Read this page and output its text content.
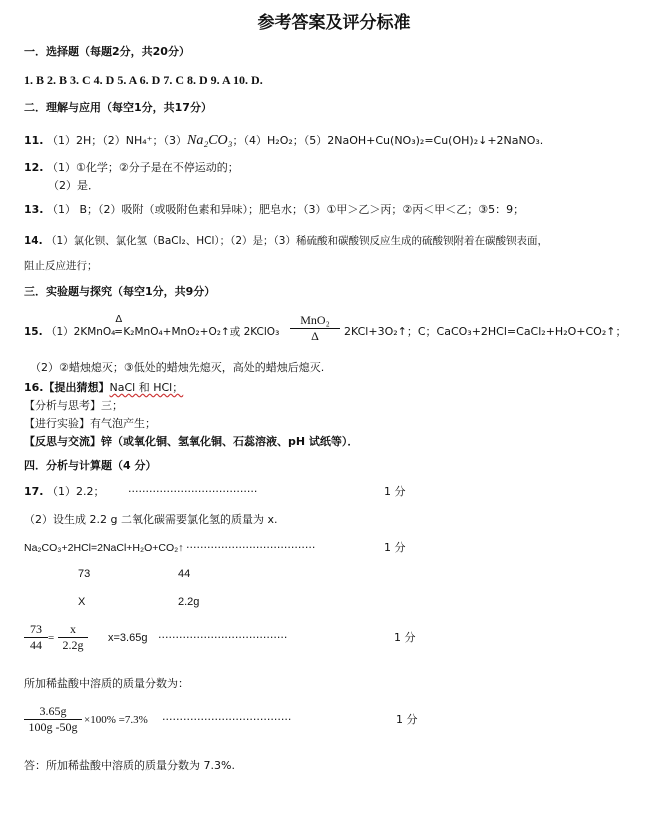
参考答案及评分标准
一．选择题（每题2分，共20分）
1. B 2. B 3. C 4. D 5. A 6. D 7. C 8. D 9. A 10. D.
二．理解与应用（每空1分，共17分）
11. （1）2H；（2）NH₄⁺；（3）Na₂CO₃；（4）H₂O₂；（5）2NaOH+Cu(NO₃)₂=Cu(OH)₂↓+2NaNO₃.
12. （1）①化学；②分子是在不停运动的；
（2）是．
13. （1） B；（2）吸附（或吸附色素和异味）；肥皂水；（3）①甲＞乙＞丙；②丙＜甲＜乙；③5：9；
14. （1）氯化钡、氯化氢（BaCl₂、HCl）；（2）是；（3）稀硫酸和碳酸钡反应生成的硫酸钡附着在碳酸钡表面，
阻止反应进行；
三．实验题与探究（每空1分，共9分）
15. （1）2KMnO₄
Δ
═ K₂MnO₄+MnO₂+O₂↑或 2KClO₃
MnO₂
Δ	2KCl+3O₂↑；C；CaCO₃+2HCl=CaCl₂+H₂O+CO₂↑；
（2）②蜡烛熄灭；③低处的蜡烛先熄灭，高处的蜡烛后熄灭.
16.【提出猜想】NaCl 和 HCl；
【分析与思考】三；
【进行实验】有气泡产生；
【反思与交流】锌（或氧化铜、氢氧化铜、石蕊溶液、pH 试纸等）．
四．分析与计算题（4 分）
17. （1）2.2； ·····································	1 分
（2）设生成 2.2 g 二氧化碳需要氯化氢的质量为 x.
Na₂CO₃+2HCl=2NaCl+H₂O+CO₂↑ ·····································	1 分
73	44
X	2.2g
$\frac{73}{44} = \frac{x}{2.2g} x=3.65g$ ·····································	1 分
所加稀盐酸中溶质的质量分数为：
$\frac{3.65g}{100g -50g} \times 100\% =7.3\%$ ·····································	1 分
答：所加稀盐酸中溶质的质量分数为 7.3%.
